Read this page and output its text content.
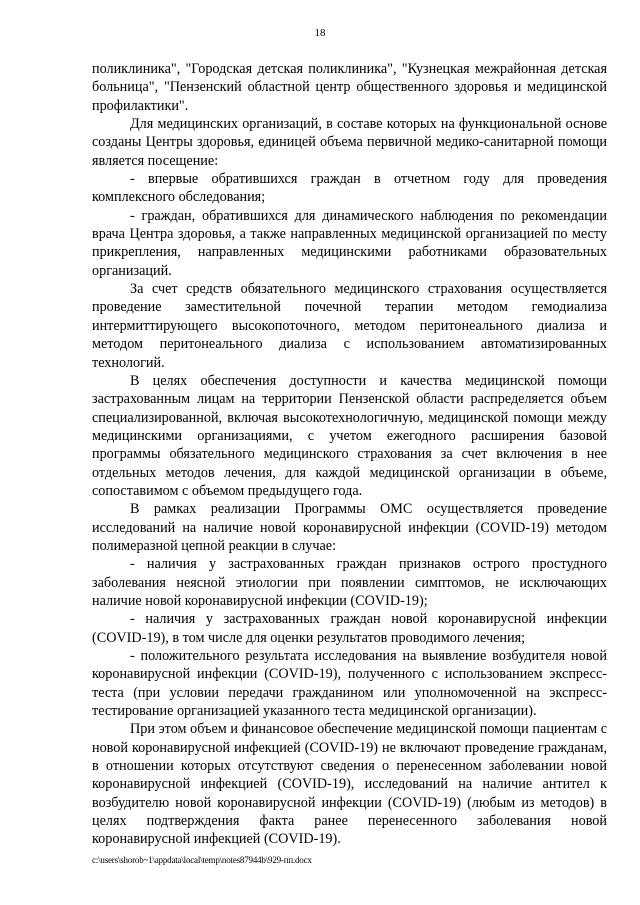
18

поликлиника", "Городская детская поликлиника", "Кузнецкая межрайонная детская больница", "Пензенский областной центр общественного здоровья и медицинской профилактики".

Для медицинских организаций, в составе которых на функциональной основе созданы Центры здоровья, единицей объема первичной медико-санитарной помощи является посещение:

- впервые обратившихся граждан в отчетном году для проведения комплексного обследования;

- граждан, обратившихся для динамического наблюдения по рекомендации врача Центра здоровья, а также направленных медицинской организацией по месту прикрепления, направленных медицинскими работниками образовательных организаций.

За счет средств обязательного медицинского страхования осуществляется проведение заместительной почечной терапии методом гемодиализа интермиттирующего высокопоточного, методом перитонеального диализа и методом перитонеального диализа с использованием автоматизированных технологий.

В целях обеспечения доступности и качества медицинской помощи застрахованным лицам на территории Пензенской области распределяется объем специализированной, включая высокотехнологичную, медицинской помощи между медицинскими организациями, с учетом ежегодного расширения базовой программы обязательного медицинского страхования за счет включения в нее отдельных методов лечения, для каждой медицинской организации в объеме, сопоставимом с объемом предыдущего года.

В рамках реализации Программы ОМС осуществляется проведение исследований на наличие новой коронавирусной инфекции (COVID-19) методом полимеразной цепной реакции в случае:

- наличия у застрахованных граждан признаков острого простудного заболевания неясной этиологии при появлении симптомов, не исключающих наличие новой коронавирусной инфекции (COVID-19);

- наличия у застрахованных граждан новой коронавирусной инфекции (COVID-19), в том числе для оценки результатов проводимого лечения;

- положительного результата исследования на выявление возбудителя новой коронавирусной инфекции (COVID-19), полученного с использованием экспресс-теста (при условии передачи гражданином или уполномоченной на экспресс-тестирование организацией указанного теста медицинской организации).

При этом объем и финансовое обеспечение медицинской помощи пациентам с новой коронавирусной инфекцией (COVID-19) не включают проведение гражданам, в отношении которых отсутствуют сведения о перенесенном заболевании новой коронавирусной инфекцией (COVID-19), исследований на наличие антител к возбудителю новой коронавирусной инфекции (COVID-19) (любым из методов) в целях подтверждения факта ранее перенесенного заболевания новой коронавирусной инфекцией (COVID-19).

c:\users\shorob~1\appdata\local\temp\notes87944b\929-пп.docx
